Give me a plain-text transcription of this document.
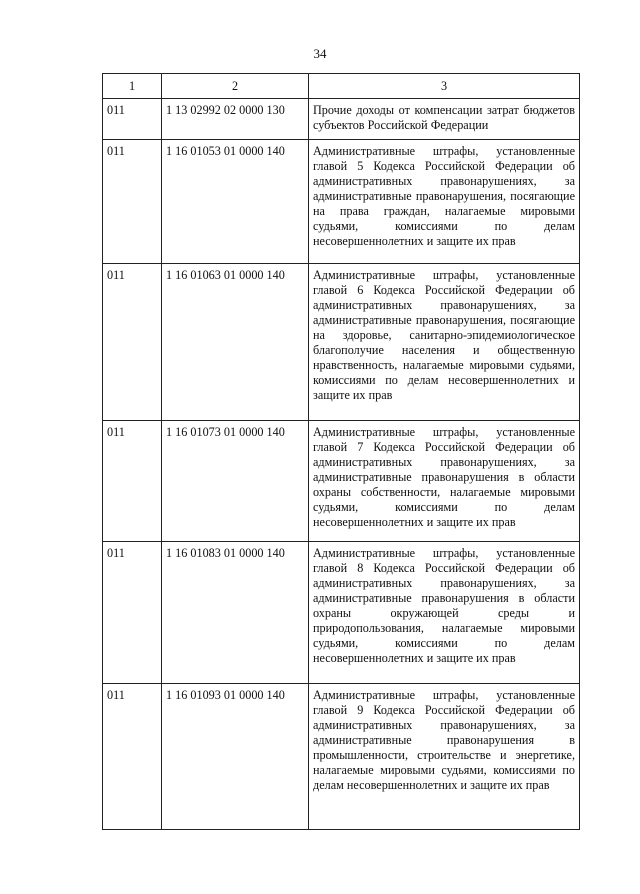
34
1	2	3
011	1 13 02992 02 0000 130	Прочие доходы от компенсации затрат бюджетов субъектов Российской Федерации
011	1 16 01053 01 0000 140	Административные штрафы, установленные главой 5 Кодекса Российской Федерации об административных правонарушениях, за административные правонарушения, посягающие на права граждан, налагаемые мировыми судьями, комиссиями по делам несовершеннолетних и защите их прав
011	1 16 01063 01 0000 140	Административные штрафы, установленные главой 6 Кодекса Российской Федерации об административных правонарушениях, за административные правонарушения, посягающие на здоровье, санитарно-эпидемиологическое благополучие населения и общественную нравственность, налагаемые мировыми судьями, комиссиями по делам несовершеннолетних и защите их прав
011	1 16 01073 01 0000 140	Административные штрафы, установленные главой 7 Кодекса Российской Федерации об административных правонарушениях, за административные правонарушения в области охраны собственности, налагаемые мировыми судьями, комиссиями по делам несовершеннолетних и защите их прав
011	1 16 01083 01 0000 140	Административные штрафы, установленные главой 8 Кодекса Российской Федерации об административных правонарушениях, за административные правонарушения в области охраны окружающей среды и природопользования, налагаемые мировыми судьями, комиссиями по делам несовершеннолетних и защите их прав
011	1 16 01093 01 0000 140	Административные штрафы, установленные главой 9 Кодекса Российской Федерации об административных правонарушениях, за административные правонарушения в промышленности, строительстве и энергетике, налагаемые мировыми судьями, комиссиями по делам несовершеннолетних и защите их прав
